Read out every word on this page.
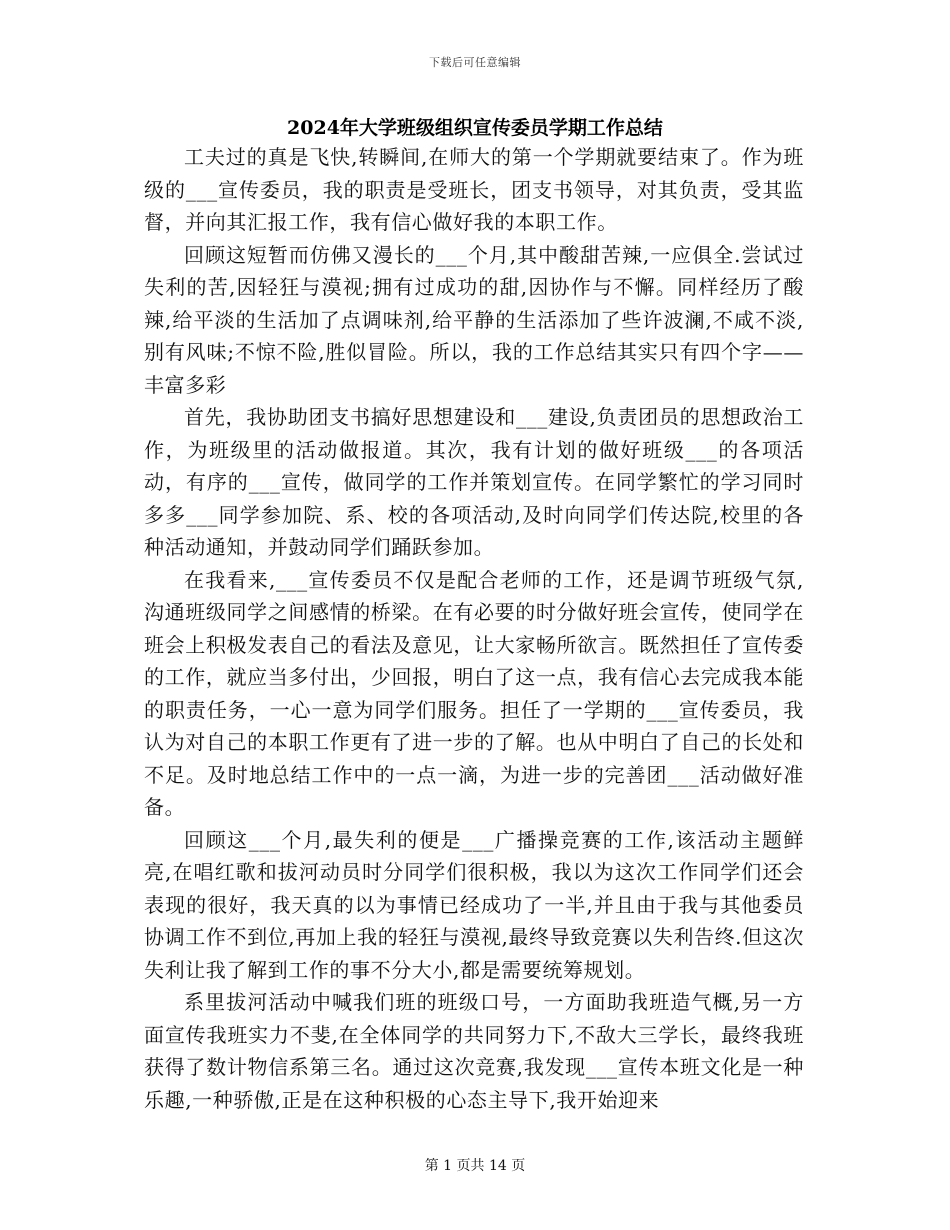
下载后可任意编辑
2024年大学班级组织宣传委员学期工作总结

工夫过的真是飞快,转瞬间,在师大的第一个学期就要结束了。作为班级的___宣传委员，我的职责是受班长，团支书领导，对其负责，受其监督，并向其汇报工作，我有信心做好我的本职工作。

回顾这短暂而仿佛又漫长的___个月,其中酸甜苦辣,一应俱全.尝试过失利的苦,因轻狂与漠视;拥有过成功的甜,因协作与不懈。同样经历了酸辣,给平淡的生活加了点调味剂,给平静的生活添加了些许波澜,不咸不淡,别有风味;不惊不险,胜似冒险。所以，我的工作总结其实只有四个字——丰富多彩

首先，我协助团支书搞好思想建设和___建设,负责团员的思想政治工作，为班级里的活动做报道。其次，我有计划的做好班级___的各项活动，有序的___宣传，做同学的工作并策划宣传。在同学繁忙的学习同时多多___同学参加院、系、校的各项活动,及时向同学们传达院,校里的各种活动通知，并鼓动同学们踊跃参加。

在我看来,___宣传委员不仅是配合老师的工作，还是调节班级气氛,沟通班级同学之间感情的桥梁。在有必要的时分做好班会宣传，使同学在班会上积极发表自己的看法及意见，让大家畅所欲言。既然担任了宣传委的工作，就应当多付出，少回报，明白了这一点，我有信心去完成我本能的职责任务，一心一意为同学们服务。担任了一学期的___宣传委员，我认为对自己的本职工作更有了进一步的了解。也从中明白了自己的长处和不足。及时地总结工作中的一点一滴，为进一步的完善团___活动做好准备。

回顾这___个月,最失利的便是___广播操竞赛的工作,该活动主题鲜亮,在唱红歌和拔河动员时分同学们很积极，我以为这次工作同学们还会表现的很好，我天真的以为事情已经成功了一半,并且由于我与其他委员协调工作不到位,再加上我的轻狂与漠视,最终导致竞赛以失利告终.但这次失利让我了解到工作的事不分大小,都是需要统筹规划。

系里拔河活动中喊我们班的班级口号，一方面助我班造气概,另一方面宣传我班实力不斐,在全体同学的共同努力下,不敌大三学长，最终我班获得了数计物信系第三名。通过这次竞赛,我发现___宣传本班文化是一种乐趣,一种骄傲,正是在这种积极的心态主导下,我开始迎来

第 1 页共 14 页
